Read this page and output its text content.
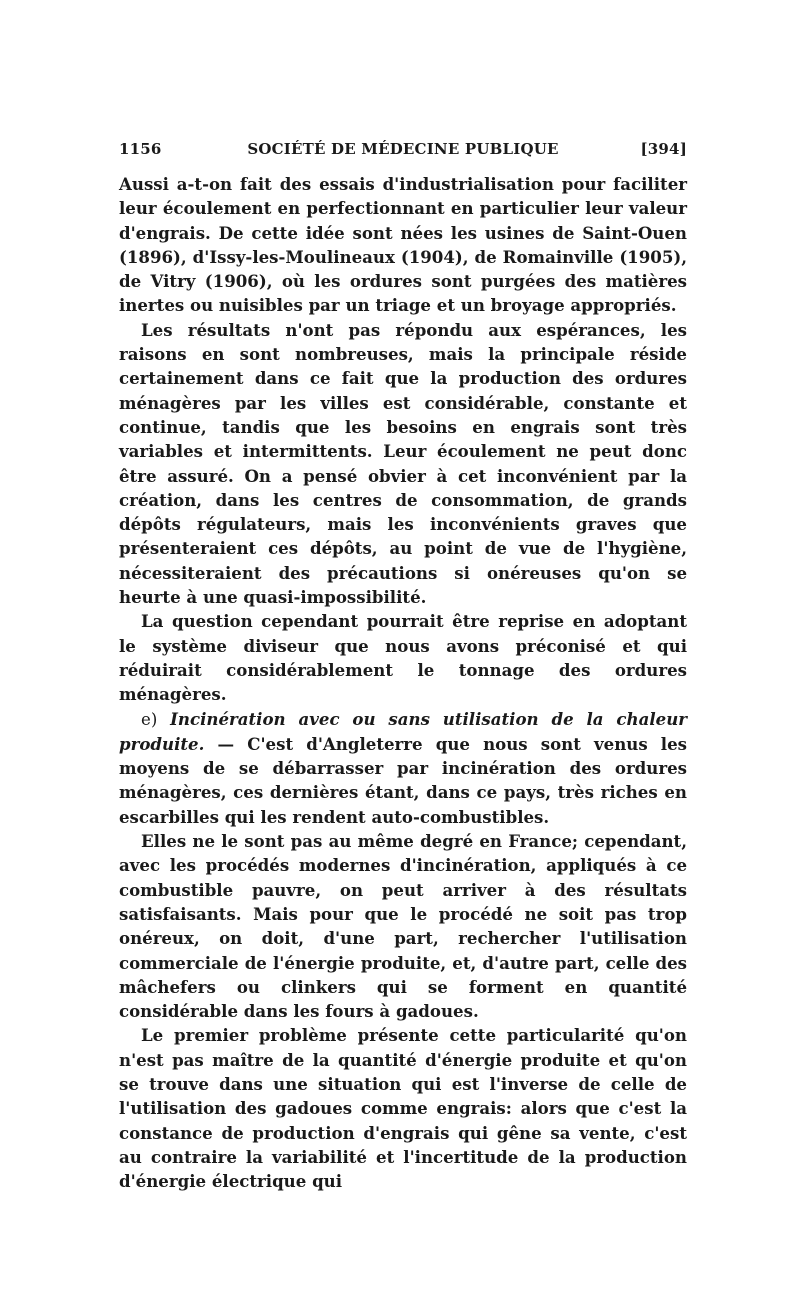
1156	SOCIÉTÉ DE MÉDECINE PUBLIQUE	[394]

Aussi a-t-on fait des essais d'industrialisation pour faciliter leur écoulement en perfectionnant en particulier leur valeur d'engrais. De cette idée sont nées les usines de Saint-Ouen (1896), d'Issy-les-Moulineaux (1904), de Romainville (1905), de Vitry (1906), où les ordures sont purgées des matières inertes ou nuisibles par un triage et un broyage appropriés.

Les résultats n'ont pas répondu aux espérances, les raisons en sont nombreuses, mais la principale réside certainement dans ce fait que la production des ordures ménagères par les villes est considérable, constante et continue, tandis que les besoins en engrais sont très variables et intermittents. Leur écoulement ne peut donc être assuré. On a pensé obvier à cet inconvénient par la création, dans les centres de consommation, de grands dépôts régulateurs, mais les inconvénients graves que présenteraient ces dépôts, au point de vue de l'hygiène, nécessiteraient des précautions si onéreuses qu'on se heurte à une quasi-impossibilité.

La question cependant pourrait être reprise en adoptant le système diviseur que nous avons préconisé et qui réduirait considérablement le tonnage des ordures ménagères.

e) Incinération avec ou sans utilisation de la chaleur produite. — C'est d'Angleterre que nous sont venus les moyens de se débarrasser par incinération des ordures ménagères, ces dernières étant, dans ce pays, très riches en escarbilles qui les rendent auto-combustibles.

Elles ne le sont pas au même degré en France; cependant, avec les procédés modernes d'incinération, appliqués à ce combustible pauvre, on peut arriver à des résultats satisfaisants. Mais pour que le procédé ne soit pas trop onéreux, on doit, d'une part, rechercher l'utilisation commerciale de l'énergie produite, et, d'autre part, celle des mâchefers ou clinkers qui se forment en quantité considérable dans les fours à gadoues.

Le premier problème présente cette particularité qu'on n'est pas maître de la quantité d'énergie produite et qu'on se trouve dans une situation qui est l'inverse de celle de l'utilisation des gadoues comme engrais: alors que c'est la constance de production d'engrais qui gêne sa vente, c'est au contraire la variabilité et l'incertitude de la production d'énergie électrique qui
